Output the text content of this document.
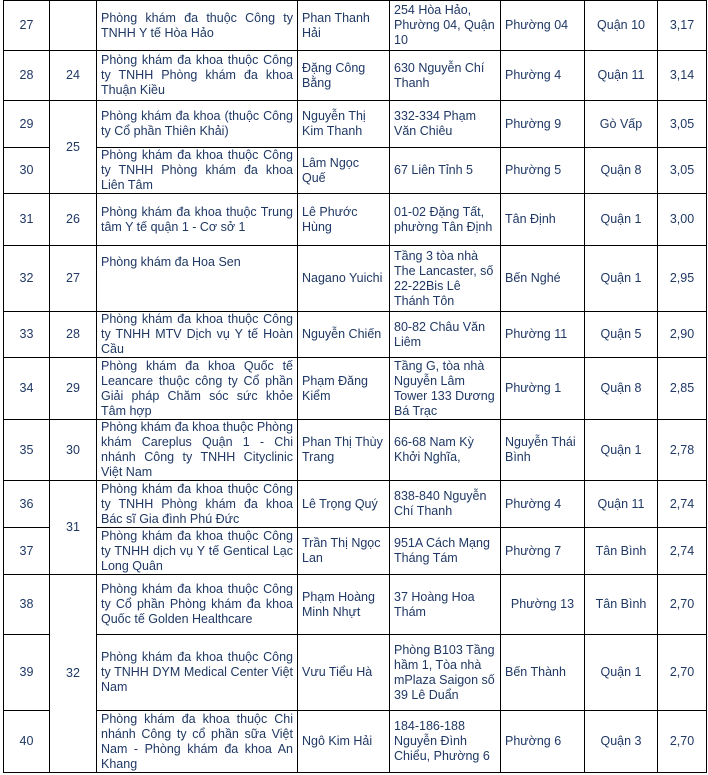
27		Phòng khám đa thuộc Công ty TNHH Y tế Hòa Hảo	Phan Thanh Hải	254 Hòa Hảo, Phường 04, Quận 10	Phường 04	Quận 10	3,17
28	24	Phòng khám đa khoa thuộc Công ty TNHH Phòng khám đa khoa Thuận Kiều	Đặng Công Bằng	630 Nguyễn Chí Thanh	Phường 4	Quận 11	3,14
29	25	Phòng khám đa khoa (thuộc Công ty Cổ phần Thiên Khải)	Nguyễn Thị Kim Thanh	332-334 Phạm Văn Chiêu	Phường 9	Gò Vấp	3,05
30		Phòng khám đa khoa thuộc Công ty TNHH Phòng khám đa khoa Liên Tâm	Lâm Ngọc Quế	67 Liên Tỉnh 5	Phường 5	Quận 8	3,05
31	26	Phòng khám đa khoa thuộc Trung tâm Y tế quận 1 - Cơ sở 1	Lê Phước Hùng	01-02 Đặng Tất, phường Tân Định	Tân Định	Quận 1	3,00
32	27	Phòng khám đa Hoa Sen	Nagano Yuichi	Tầng 3 tòa nhà The Lancaster, số 22-22Bis Lê Thánh Tôn	Bến Nghé	Quận 1	2,95
33	28	Phòng khám đa khoa thuộc Công ty TNHH MTV Dịch vụ Y tế Hoàn Cầu	Nguyễn Chiến	80-82 Châu Văn Liêm	Phường 11	Quận 5	2,90
34	29	Phòng khám đa khoa Quốc tế Leancare thuộc công ty Cổ phần Giải pháp Chăm sóc sức khỏe Tâm hợp	Phạm Đăng Kiểm	Tầng G, tòa nhà Nguyễn Lâm Tower 133 Dương Bá Trạc	Phường 1	Quận 8	2,85
35	30	Phòng khám đa khoa thuộc Phòng khám Careplus Quận 1 - Chi nhánh Công ty TNHH Cityclinic Việt Nam	Phan Thị Thùy Trang	66-68 Nam Kỳ Khởi Nghĩa,	Nguyễn Thái Bình	Quận 1	2,78
36	31	Phòng khám đa khoa thuộc Công ty TNHH Phòng khám đa khoa Bác sĩ Gia đình Phú Đức	Lê Trọng Quý	838-840 Nguyễn Chí Thanh	Phường 4	Quận 11	2,74
37		Phòng khám đa khoa thuộc Công ty TNHH dịch vụ Y tế Gentical Lạc Long Quân	Trần Thị Ngọc Lan	951A Cách Mạng Tháng Tám	Phường 7	Tân Bình	2,74
38	32	Phòng khám đa khoa thuộc Công ty Cổ phần Phòng khám đa khoa Quốc tế Golden Healthcare	Phạm Hoàng Minh Nhựt	37 Hoàng Hoa Thám	Phường 13	Tân Bình	2,70
39		Phòng khám đa khoa thuộc Công ty TNHH DYM Medical Center Việt Nam	Vưu Tiểu Hà	Phòng B103 Tầng hầm 1, Tòa nhà mPlaza Saigon số 39 Lê Duẩn	Bến Thành	Quận 1	2,70
40		Phòng khám đa khoa thuộc Chi nhánh Công ty cổ phần sữa Việt Nam - Phòng khám đa khoa An Khang	Ngô Kim Hải	184-186-188 Nguyễn Đình Chiểu, Phường 6	Phường 6	Quận 3	2,70
